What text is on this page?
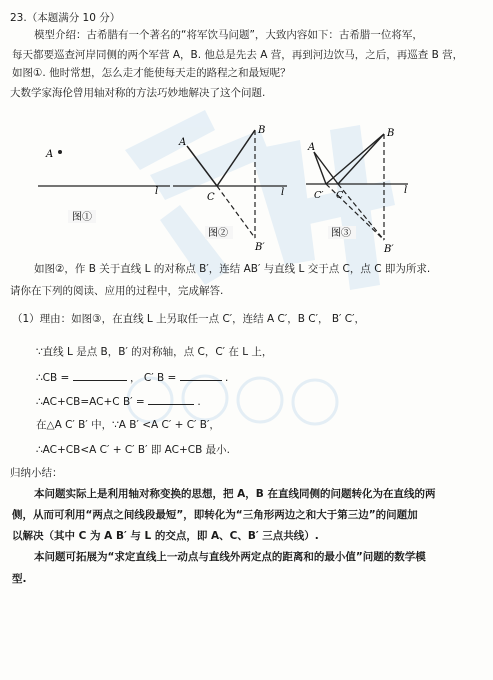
23.（本题满分 10 分）
模型介绍：古希腊有一个著名的“将军饮马问题”，大致内容如下：古希腊一位将军，
每天都要巡查河岸同侧的两个军营 A，B. 他总是先去 A 营，再到河边饮马，之后，再巡查 B 营，
如图①. 他时常想，怎么走才能使每天走的路程之和最短呢？
大数学家海伦曾用轴对称的方法巧妙地解决了这个问题.
A
l
图①
A
B
C	l
B′
图②
A
B
C′ C	l
B′
图③
如图②，作 B 关于直线 L 的对称点 B′，连结 AB′ 与直线 L 交于点 C，点 C 即为所求.
请你在下列的阅读、应用的过程中，完成解答.
（1）理由：如图③，在直线 L 上另取任一点 C′，连结 A C′，B C′， B′ C′，
∵直线 L 是点 B，B′ 的对称轴，点 C，C′ 在 L 上，
∴CB =	， C′ B =	.
∴AC+CB=AC+C B′ =	.
在△A C′ B′ 中，∵A B′ <A C′ + C′ B′，
∴AC+CB<A C′ + C′ B′ 即 AC+CB 最小.
归纳小结：
本问题实际上是利用轴对称变换的思想，把 A，B 在直线同侧的问题转化为在直线的两
侧，从而可利用“两点之间线段最短”，即转化为“三角形两边之和大于第三边”的问题加
以解决（其中 C 为 A B′ 与 L 的交点，即 A、C、B′ 三点共线）.
本问题可拓展为“求定直线上一动点与直线外两定点的距离和的最小值”问题的数学模
型.
